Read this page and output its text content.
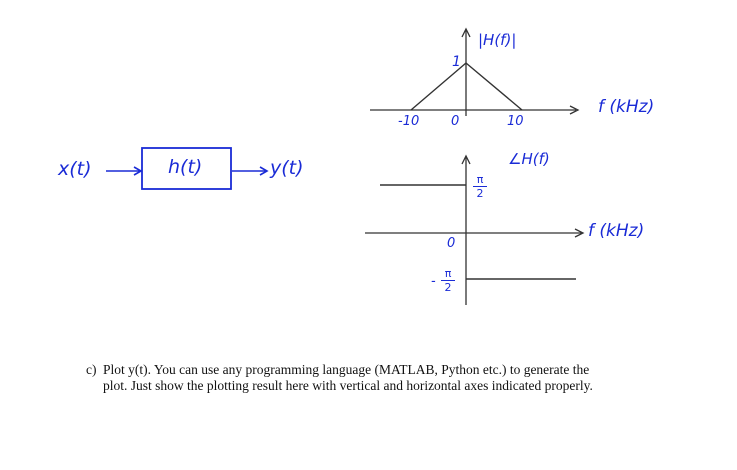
x(t)	h(t)	y(t)
|H(f)|
1
-10 0	10
f (kHz)
∠H(f)
π
2
0
f (kHz)
-
π
2
c) Plot y(t). You can use any programming language (MATLAB, Python etc.) to generate the
plot. Just show the plotting result here with vertical and horizontal axes indicated properly.
